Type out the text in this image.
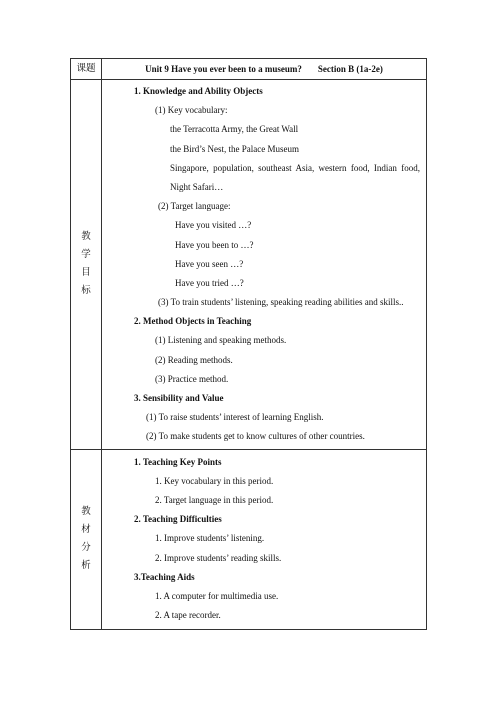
课题	Unit 9 Have you ever been to a museum? Section B (1a-2e)
教
学
目
标
1. Knowledge and Ability Objects
(1) Key vocabulary:
the Terracotta Army, the Great Wall
the Bird’s Nest, the Palace Museum
Singapore, population, southeast Asia, western food, Indian food,
Night Safari…
(2) Target language:
Have you visited …?
Have you been to …?
Have you seen …?
Have you tried …?
(3) To train students’ listening, speaking reading abilities and skills..
2. Method Objects in Teaching
(1) Listening and speaking methods.
(2) Reading methods.
(3) Practice method.
3. Sensibility and Value
(1) To raise students’ interest of learning English.
(2) To make students get to know cultures of other countries.
教
材
分
析
1. Teaching Key Points
1. Key vocabulary in this period.
2. Target language in this period.
2. Teaching Difficulties
1. Improve students’ listening.
2. Improve students’ reading skills.
3.Teaching Aids
1. A computer for multimedia use.
2. A tape recorder.
